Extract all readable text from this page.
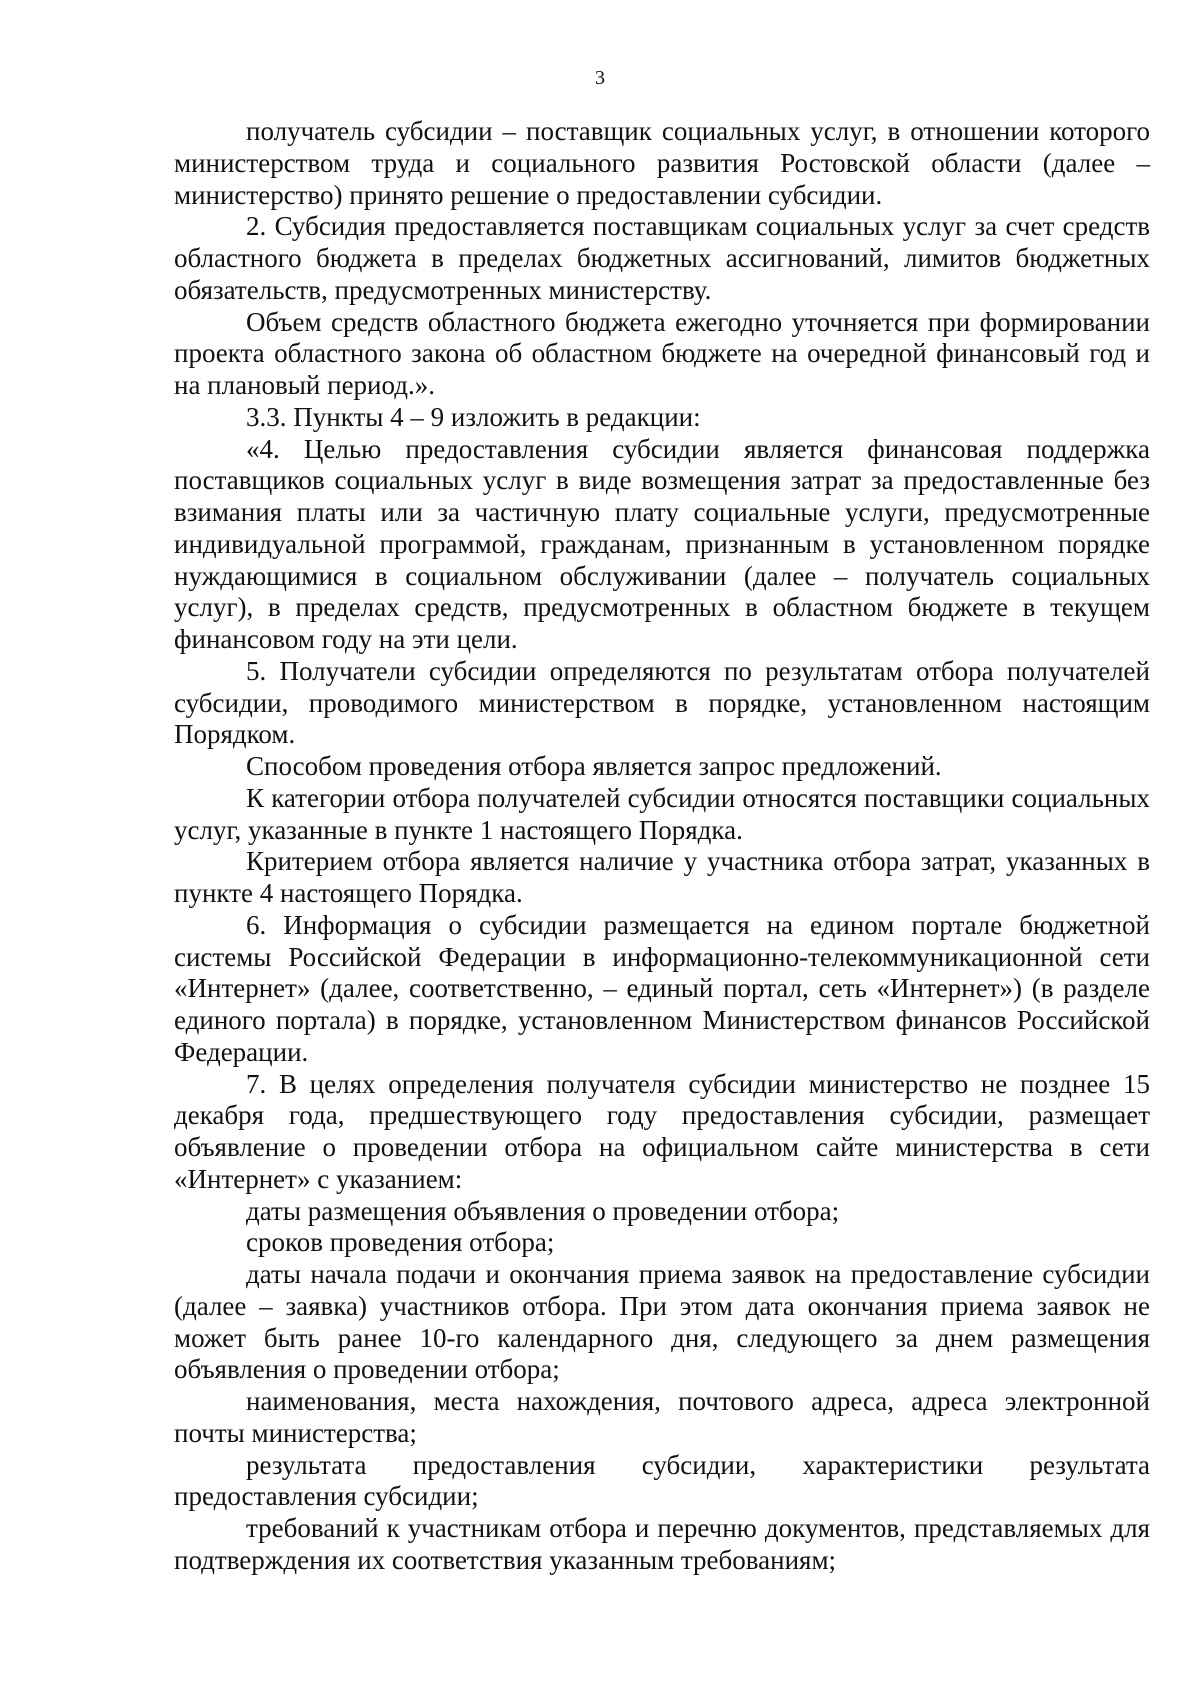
3

получатель субсидии – поставщик социальных услуг, в отношении которого министерством труда и социального развития Ростовской области (далее – министерство) принято решение о предоставлении субсидии.

2. Субсидия предоставляется поставщикам социальных услуг за счет средств областного бюджета в пределах бюджетных ассигнований, лимитов бюджетных обязательств, предусмотренных министерству.

Объем средств областного бюджета ежегодно уточняется при формировании проекта областного закона об областном бюджете на очередной финансовый год и на плановый период.».

3.3. Пункты 4 – 9 изложить в редакции:

«4. Целью предоставления субсидии является финансовая поддержка поставщиков социальных услуг в виде возмещения затрат за предоставленные без взимания платы или за частичную плату социальные услуги, предусмотренные индивидуальной программой, гражданам, признанным в установленном порядке нуждающимися в социальном обслуживании (далее – получатель социальных услуг), в пределах средств, предусмотренных в областном бюджете в текущем финансовом году на эти цели.

5. Получатели субсидии определяются по результатам отбора получателей субсидии, проводимого министерством в порядке, установленном настоящим Порядком.

Способом проведения отбора является запрос предложений.

К категории отбора получателей субсидии относятся поставщики социальных услуг, указанные в пункте 1 настоящего Порядка.

Критерием отбора является наличие у участника отбора затрат, указанных в пункте 4 настоящего Порядка.

6. Информация о субсидии размещается на едином портале бюджетной системы Российской Федерации в информационно-телекоммуникационной сети «Интернет» (далее, соответственно, – единый портал, сеть «Интернет») (в разделе единого портала) в порядке, установленном Министерством финансов Российской Федерации.

7. В целях определения получателя субсидии министерство не позднее 15 декабря года, предшествующего году предоставления субсидии, размещает объявление о проведении отбора на официальном сайте министерства в сети «Интернет» с указанием:

даты размещения объявления о проведении отбора;

сроков проведения отбора;

даты начала подачи и окончания приема заявок на предоставление субсидии (далее – заявка) участников отбора. При этом дата окончания приема заявок не может быть ранее 10-го календарного дня, следующего за днем размещения объявления о проведении отбора;

наименования, места нахождения, почтового адреса, адреса электронной почты министерства;

результата предоставления субсидии, характеристики результата предоставления субсидии;

требований к участникам отбора и перечню документов, представляемых для подтверждения их соответствия указанным требованиям;
